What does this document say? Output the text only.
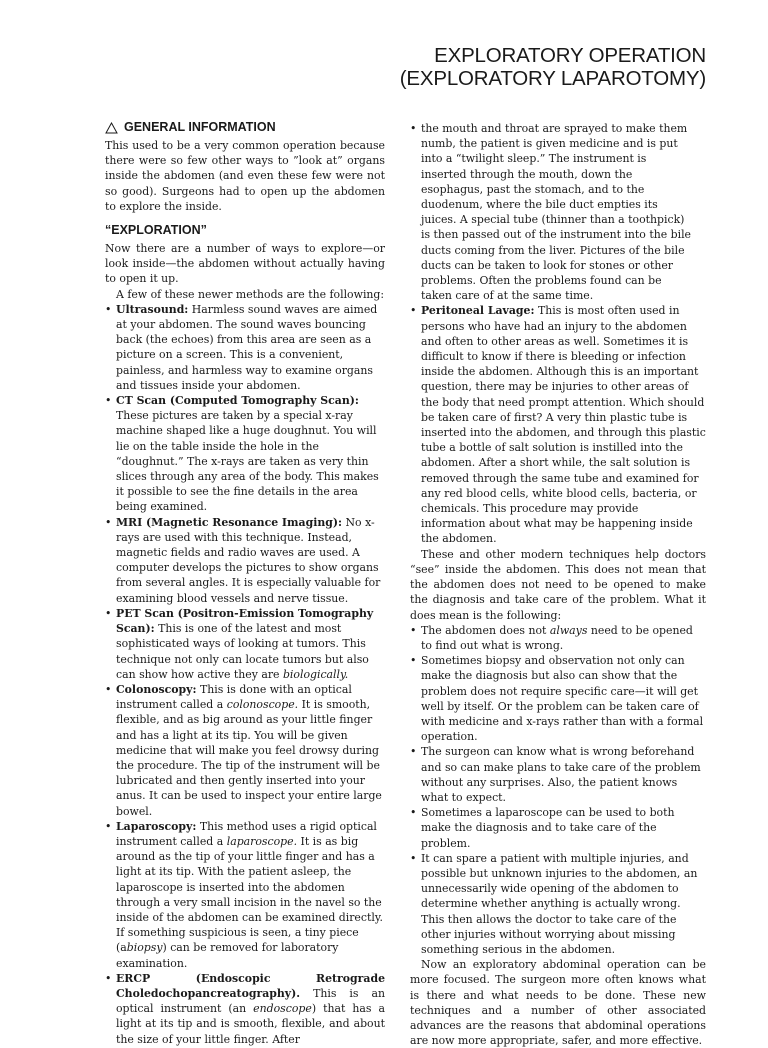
EXPLORATORY OPERATION
(EXPLORATORY LAPAROTOMY)
GENERAL INFORMATION

This used to be a very common operation because there were so few other ways to ”look at” organs inside the abdomen (and even these few were not so good). Surgeons had to open up the abdomen to explore the inside.

“EXPLORATION”

Now there are a number of ways to explore—or look inside—the abdomen without actually having to open it up.

A few of these newer methods are the following:

• Ultrasound: Harmless sound waves are aimed at your abdomen. The sound waves bouncing back (the echoes) from this area are seen as a picture on a screen. This is a convenient, painless, and harmless way to examine organs and tissues inside your abdomen.
• CT Scan (Computed Tomography Scan): These pictures are taken by a special x-ray machine shaped like a huge doughnut. You will lie on the table inside the hole in the “doughnut.” The x-rays are taken as very thin slices through any area of the body. This makes it possible to see the fine details in the area being examined.
• MRI (Magnetic Resonance Imaging): No x-rays are used with this technique. Instead, magnetic fields and radio waves are used. A computer develops the pictures to show organs from several angles. It is especially valuable for examining blood vessels and nerve tissue.
• PET Scan (Positron-Emission Tomography Scan): This is one of the latest and most sophisticated ways of looking at tumors. This technique not only can locate tumors but also can show how active they are biologically.
• Colonoscopy: This is done with an optical instrument called a colonoscope. It is smooth, flexible, and as big around as your little finger and has a light at its tip. You will be given medicine that will make you feel drowsy during the procedure. The tip of the instrument will be lubricated and then gently inserted into your anus. It can be used to inspect your entire large bowel.
• Laparoscopy: This method uses a rigid optical instrument called a laparoscope. It is as big around as the tip of your little finger and has a light at its tip. With the patient asleep, the laparoscope is inserted into the abdomen through a very small incision in the navel so the inside of the abdomen can be examined directly. If something suspicious is seen, a tiny piece (abiopsy) can be removed for laboratory examination.
• ERCP (Endoscopic Retrograde Choledochopancreatography). This is an optical instrument (an endoscope) that has a light at its tip and is smooth, flexible, and about the size of your little finger. After
• the mouth and throat are sprayed to make them numb, the patient is given medicine and is put into a “twilight sleep.” The instrument is inserted through the mouth, down the esophagus, past the stomach, and to the duodenum, where the bile duct empties its juices. A special tube (thinner than a toothpick) is then passed out of the instrument into the bile ducts coming from the liver. Pictures of the bile ducts can be taken to look for stones or other problems. Often the problems found can be taken care of at the same time.
• Peritoneal Lavage: This is most often used in persons who have had an injury to the abdomen and often to other areas as well. Sometimes it is difficult to know if there is bleeding or infection inside the abdomen. Although this is an important question, there may be injuries to other areas of the body that need prompt attention. Which should be taken care of first? A very thin plastic tube is inserted into the abdomen, and through this plastic tube a bottle of salt solution is instilled into the abdomen. After a short while, the salt solution is removed through the same tube and examined for any red blood cells, white blood cells, bacteria, or chemicals. This procedure may provide information about what may be happening inside the abdomen.

These and other modern techniques help doctors “see” inside the abdomen. This does not mean that the abdomen does not need to be opened to make the diagnosis and take care of the problem. What it does mean is the following:

• The abdomen does not always need to be opened to find out what is wrong.
• Sometimes biopsy and observation not only can make the diagnosis but also can show that the problem does not require specific care—it will get well by itself. Or the problem can be taken care of with medicine and x-rays rather than with a formal operation.
• The surgeon can know what is wrong beforehand and so can make plans to take care of the problem without any surprises. Also, the patient knows what to expect.
• Sometimes a laparoscope can be used to both make the diagnosis and to take care of the problem.
• It can spare a patient with multiple injuries, and possible but unknown injuries to the abdomen, an unnecessarily wide opening of the abdomen to determine whether anything is actually wrong. This then allows the doctor to take care of the other injuries without worrying about missing something serious in the abdomen.

Now an exploratory abdominal operation can be more focused. The surgeon more often knows what is there and what needs to be done. These new techniques and a number of other associated advances are the reasons that abdominal operations are now more appropriate, safer, and more effective.
